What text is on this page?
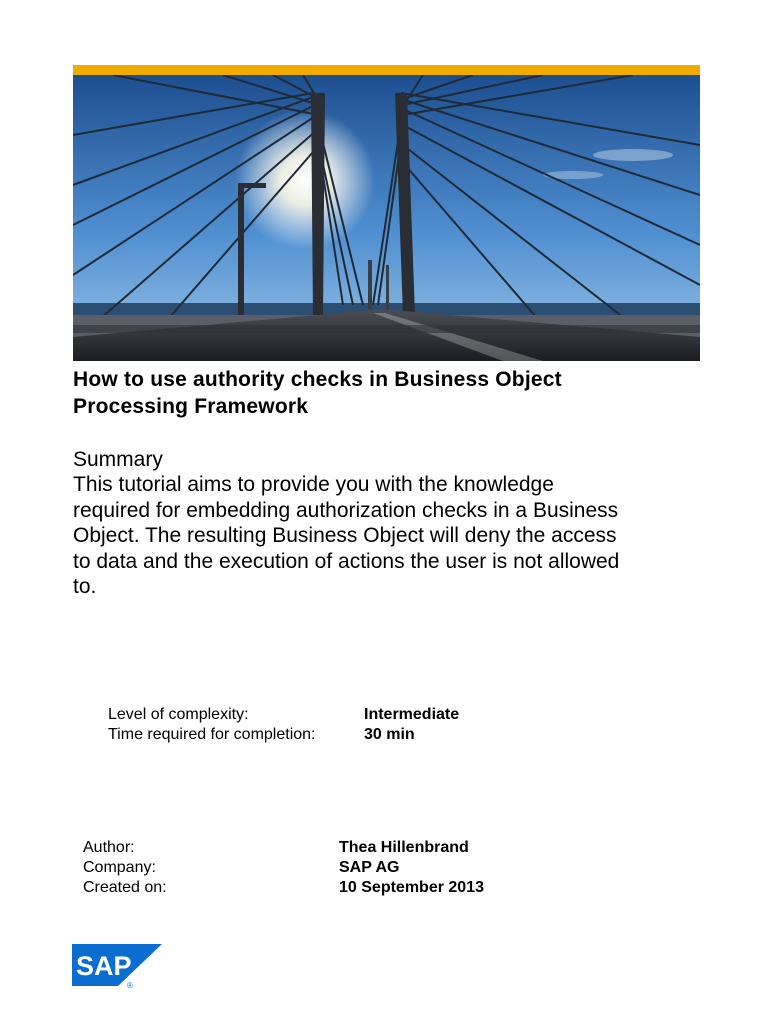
How to use authority checks in Business Object
Processing Framework
Summary
This tutorial aims to provide you with the knowledge
required for embedding authorization checks in a Business
Object. The resulting Business Object will deny the access
to data and the execution of actions the user is not allowed
to.
Level of complexity:	Intermediate
Time required for completion:	30 min
Author:	Thea Hillenbrand
Company:	SAP AG
Created on:	10 September 2013
SAP
®
